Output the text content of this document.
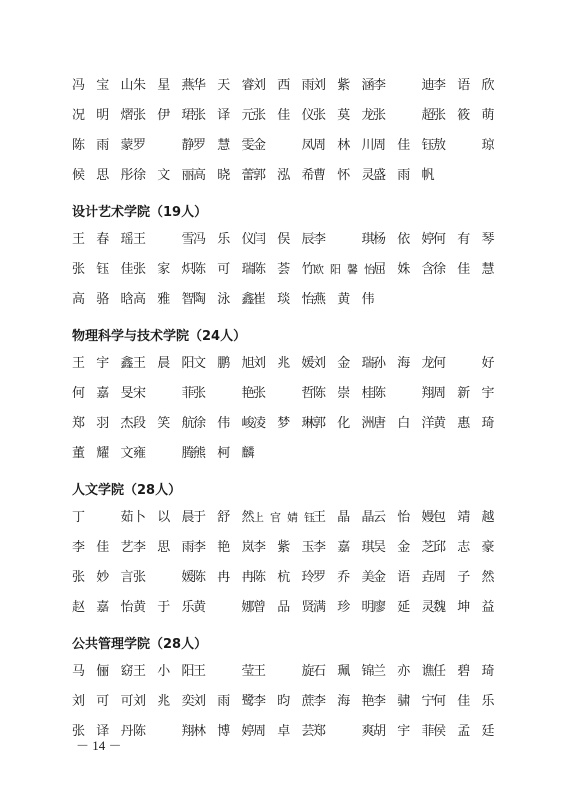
冯宝山 朱星燕
华天睿
刘西雨
刘紫涵
李　迪
李语欣
况明熠 张伊珺
张译元
张佳仪
张莫龙
张　超
张筱萌
陈雨蒙 罗　静
罗慧雯
金　凤
周林川
周佳钰
敖　琼
候思彤 徐文丽
高晓蕾
郭泓希
曹怀灵
盛雨帆
设计艺术学院（19人）
王春瑶 王　雪
冯乐仪
闫俣辰
李　琪
杨依婷
何有琴
张钰佳 张家炽
陈可瑞
陈荟竹
欧阳馨怡
屈姝含
徐佳慧
高骆晗 高雅智
陶泳鑫
崔琰怡
燕黄伟
物理科学与技术学院（24人）
王宇鑫 王晨阳
文鹏旭
刘兆媛
刘金瑞
孙海龙
何　好
何嘉旻 宋　菲
张　艳
张　哲
陈崇桂
陈　翔
周新宇
郑羽杰 段笑航
徐伟峻
凌梦琳
郭化洲
唐白洋
黄惠琦
董耀文 雍　腾
熊柯麟
人文学院（28人）
丁　茹 卜以晨
于舒然
上官婧钰
王晶晶
云怡嫚
包靖越
李佳艺 李思雨
李艳岚
李紫玉
李嘉琪
吴金芝
邱志豪
张妙言 张　媛
陈冉冉
陈杭玲
罗乔美
金语垚
周子然
赵嘉怡 黄于乐
黄　娜
曾品贤
满珍明
廖延灵
魏坤益
公共管理学院（28人）
马俪窈 王小阳
王　莹
王　旋
石珮锦
兰亦谯
任碧琦
刘可可 刘兆奕
刘雨鹭
李昀蔗
李海艳
李骕宁
何佳乐
张译丹 陈　翔
林博婷
周卓芸
郑　爽
胡宇菲
侯孟廷
－ 14 －
